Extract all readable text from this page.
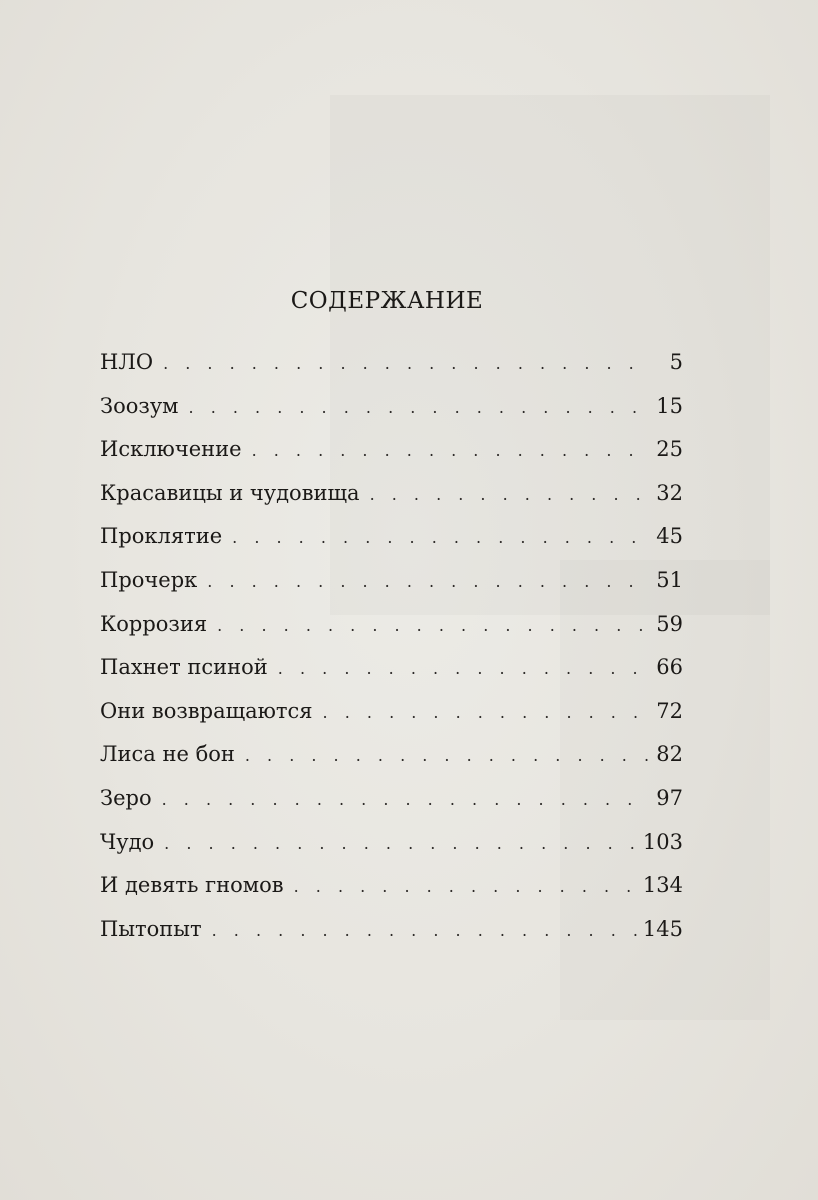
СОДЕРЖАНИЕ
НЛО . . .	5
Зоозум . . .	15
Исключение . . .	25
Красавицы и чудовища . . .	32
Проклятие . . .	45
Прочерк . . .	51
Коррозия . . .	59
Пахнет псиной . . .	66
Они возвращаются . . .	72
Лиса не бон . . .	82
Зеро . . .	97
Чудо . . .	103
И девять гномов . . .	134
Пытопыт . . .	145
